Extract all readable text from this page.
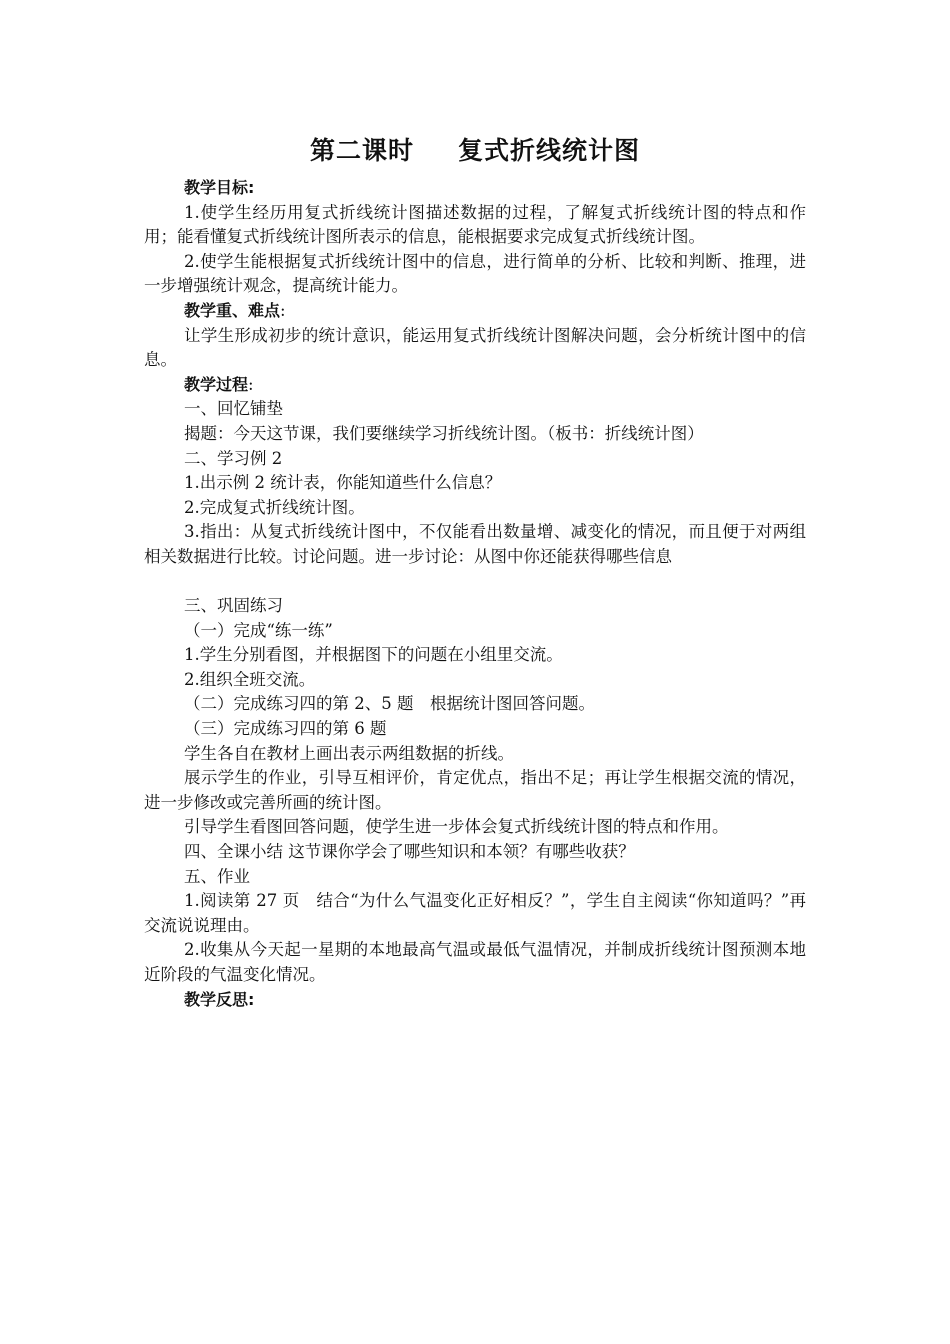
第二课时 复式折线统计图

教学目标:

1.使学生经历用复式折线统计图描述数据的过程，了解复式折线统计图的特点和作用；能看懂复式折线统计图所表示的信息，能根据要求完成复式折线统计图。

2.使学生能根据复式折线统计图中的信息，进行简单的分析、比较和判断、推理，进一步增强统计观念，提高统计能力。

教学重、难点:

让学生形成初步的统计意识，能运用复式折线统计图解决问题，会分析统计图中的信息。

教学过程:

一、回忆铺垫

揭题：今天这节课，我们要继续学习折线统计图。（板书：折线统计图）

二、学习例 2

1.出示例 2 统计表，你能知道些什么信息？

2.完成复式折线统计图。

3.指出：从复式折线统计图中，不仅能看出数量增、减变化的情况，而且便于对两组相关数据进行比较。讨论问题。进一步讨论：从图中你还能获得哪些信息

三、巩固练习

（一）完成“练一练”

1.学生分别看图，并根据图下的问题在小组里交流。

2.组织全班交流。

（二）完成练习四的第 2、5 题　根据统计图回答问题。

（三）完成练习四的第 6 题

学生各自在教材上画出表示两组数据的折线。

展示学生的作业，引导互相评价，肯定优点，指出不足；再让学生根据交流的情况，进一步修改或完善所画的统计图。

引导学生看图回答问题，使学生进一步体会复式折线统计图的特点和作用。

四、全课小结 这节课你学会了哪些知识和本领？有哪些收获？

五、作业

1.阅读第 27 页　结合“为什么气温变化正好相反？”，学生自主阅读“你知道吗？”再交流说说理由。

2.收集从今天起一星期的本地最高气温或最低气温情况，并制成折线统计图预测本地近阶段的气温变化情况。

教学反思:
